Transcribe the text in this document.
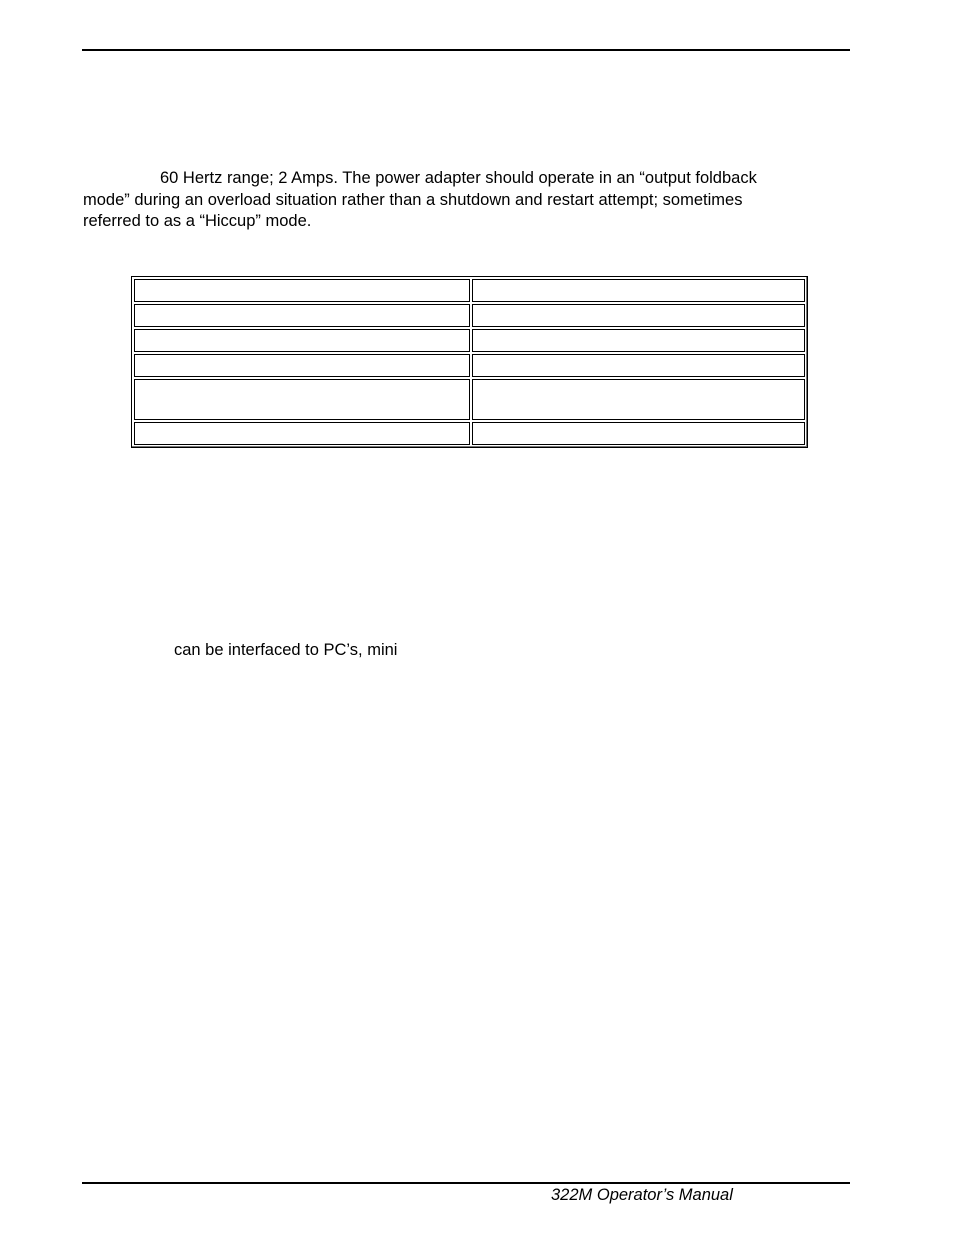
60 Hertz range; 2 Amps. The power adapter should operate in an “output foldback
mode” during an overload situation rather than a shutdown and restart attempt; sometimes
referred to as a “Hiccup” mode.

can be interfaced to PC’s, mini

322M Operator’s Manual
